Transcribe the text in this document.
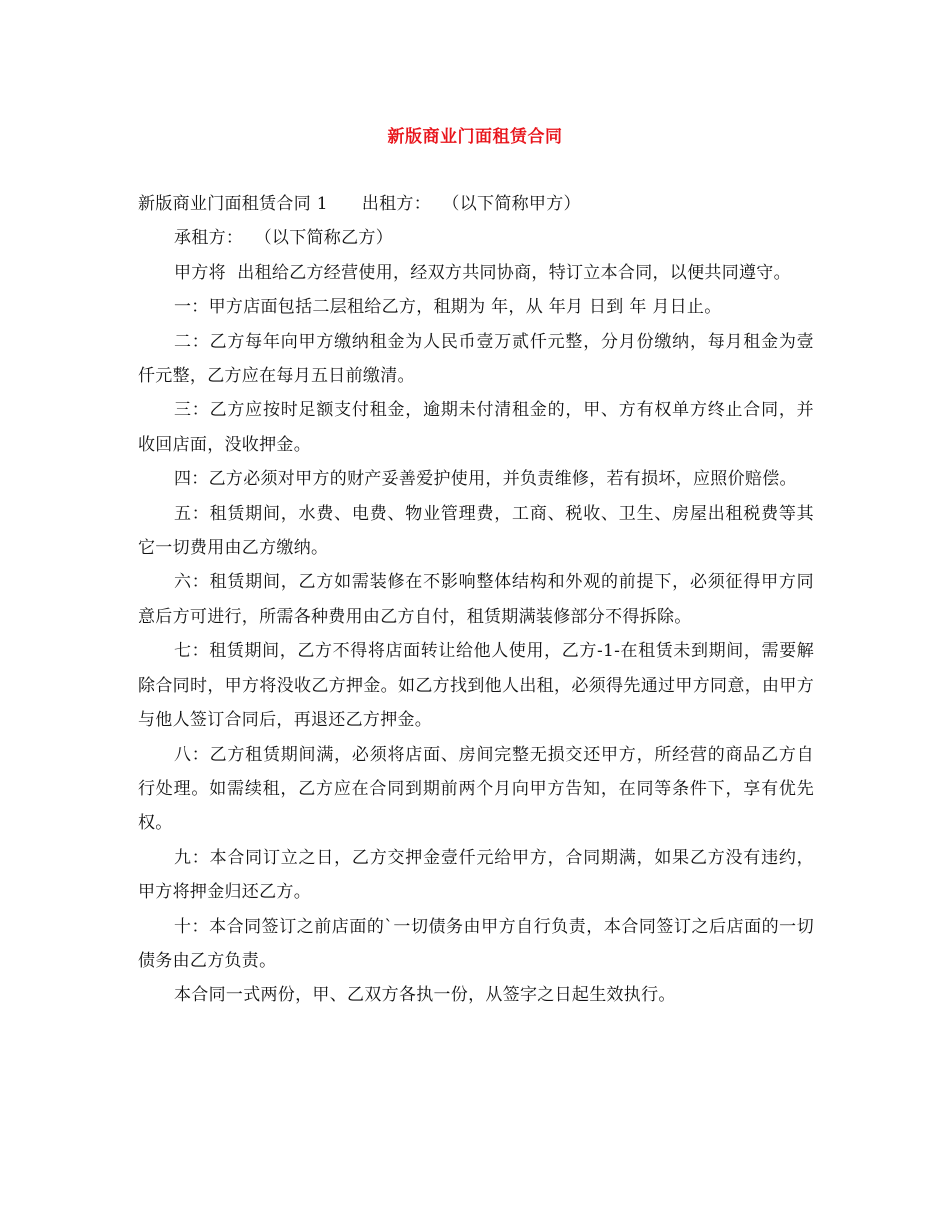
新版商业门面租赁合同

新版商业门面租赁合同 1 出租方：  （以下简称甲方）

承租方：  （以下简称乙方）

甲方将  出租给乙方经营使用，经双方共同协商，特订立本合同，以便共同遵守。

一：甲方店面包括二层租给乙方，租期为 年，从 年月 日到 年 月日止。

二：乙方每年向甲方缴纳租金为人民币壹万贰仟元整，分月份缴纳，每月租金为壹仟元整，乙方应在每月五日前缴清。

三：乙方应按时足额支付租金，逾期未付清租金的，甲、方有权单方终止合同，并收回店面，没收押金。

四：乙方必须对甲方的财产妥善爱护使用，并负责维修，若有损坏，应照价赔偿。

五：租赁期间，水费、电费、物业管理费，工商、税收、卫生、房屋出租税费等其它一切费用由乙方缴纳。

六：租赁期间，乙方如需装修在不影响整体结构和外观的前提下，必须征得甲方同意后方可进行，所需各种费用由乙方自付，租赁期满装修部分不得拆除。

七：租赁期间，乙方不得将店面转让给他人使用，乙方-1-在租赁未到期间，需要解除合同时，甲方将没收乙方押金。如乙方找到他人出租，必须得先通过甲方同意，由甲方与他人签订合同后，再退还乙方押金。

八：乙方租赁期间满，必须将店面、房间完整无损交还甲方，所经营的商品乙方自行处理。如需续租，乙方应在合同到期前两个月向甲方告知，在同等条件下，享有优先权。

九：本合同订立之日，乙方交押金壹仟元给甲方，合同期满，如果乙方没有违约，甲方将押金归还乙方。

十：本合同签订之前店面的`一切债务由甲方自行负责，本合同签订之后店面的一切债务由乙方负责。

本合同一式两份，甲、乙双方各执一份，从签字之日起生效执行。
